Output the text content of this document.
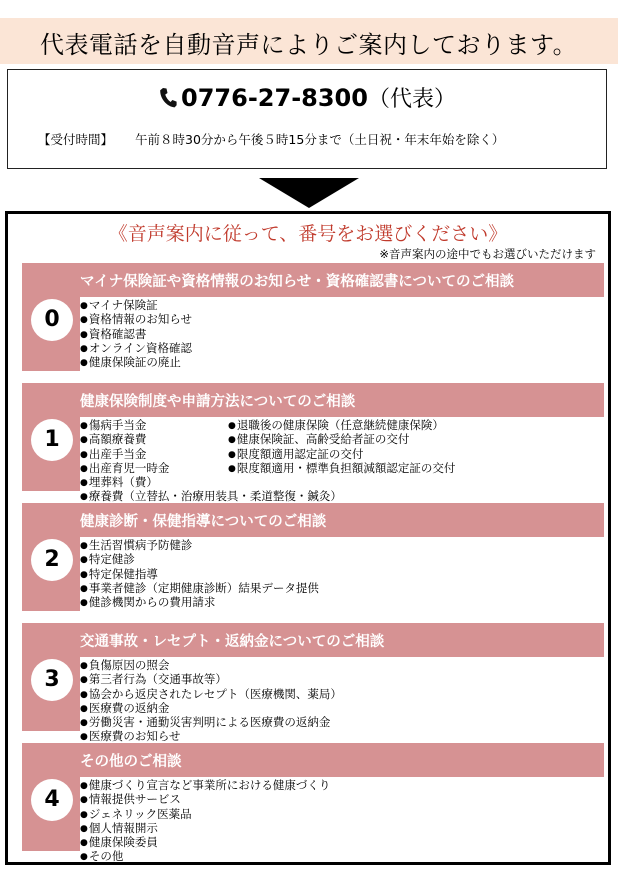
代表電話を自動音声によりご案内しております。
0776-27-8300（代表）
【受付時間】 午前８時30分から午後５時15分まで（土日祝・年末年始を除く）
《音声案内に従って、番号をお選びください》
※音声案内の途中でもお選びいただけます
マイナ保険証や資格情報のお知らせ・資格確認書についてのご相談
0
● マイナ保険証
● 資格情報のお知らせ
● 資格確認書
● オンライン資格確認
● 健康保険証の廃止
健康保険制度や申請方法についてのご相談
1
● 傷病手当金
● 高額療養費
● 出産手当金
● 出産育児一時金
● 埋葬料（費）
● 療養費（立替払・治療用装具・柔道整復・鍼灸）
● 退職後の健康保険（任意継続健康保険）
● 健康保険証、高齢受給者証の交付
● 限度額適用認定証の交付
● 限度額適用・標準負担額減額認定証の交付
健康診断・保健指導についてのご相談
2
● 生活習慣病予防健診
● 特定健診
● 特定保健指導
● 事業者健診（定期健康診断）結果データ提供
● 健診機関からの費用請求
交通事故・レセプト・返納金についてのご相談
3
● 負傷原因の照会
● 第三者行為（交通事故等）
● 協会から返戻されたレセプト（医療機関、薬局）
● 医療費の返納金
● 労働災害・通勤災害判明による医療費の返納金
● 医療費のお知らせ
その他のご相談
4
● 健康づくり宣言など事業所における健康づくり
● 情報提供サービス
● ジェネリック医薬品
● 個人情報開示
● 健康保険委員
● その他
